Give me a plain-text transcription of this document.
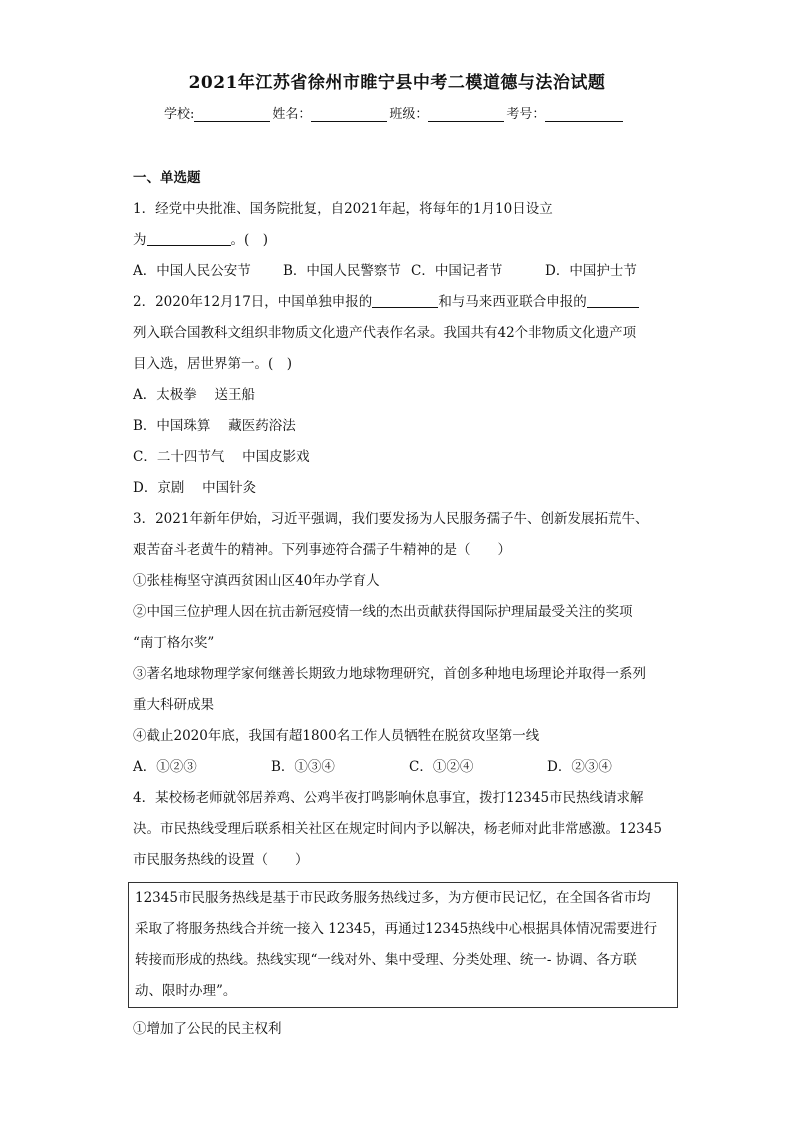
2021年江苏省徐州市睢宁县中考二模道德与法治试题
学校:	姓名：	班级：	考号：
一、单选题
1．经党中央批准、国务院批复，自2021年起，将每年的1月10日设立
为	。(　)
A．中国人民公安节	B．中国人民警察节 C．中国记者节	D．中国护士节
2．2020年12月17日，中国单独申报的	和与马来西亚联合申报的
列入联合国教科文组织非物质文化遗产代表作名录。我国共有42个非物质文化遗产项
目入选，居世界第一。(　)
A．太极拳　 送王船
B．中国珠算　 藏医药浴法
C．二十四节气　 中国皮影戏
D．京剧　 中国针灸
3．2021年新年伊始，习近平强调，我们要发扬为人民服务孺子牛、创新发展拓荒牛、
艰苦奋斗老黄牛的精神。下列事迹符合孺子牛精神的是（　　）
①张桂梅坚守滇西贫困山区40年办学育人
②中国三位护理人因在抗击新冠疫情一线的杰出贡献获得国际护理届最受关注的奖项
“南丁格尔奖”
③著名地球物理学家何继善长期致力地球物理研究，首创多种地电场理论并取得一系列
重大科研成果
④截止2020年底，我国有超1800名工作人员牺牲在脱贫攻坚第一线
A．①②③	B．①③④	C．①②④	D．②③④
4．某校杨老师就邻居养鸡、公鸡半夜打鸣影响休息事宜，拨打12345市民热线请求解
决。市民热线受理后联系相关社区在规定时间内予以解决，杨老师对此非常感激。12345
市民服务热线的设置（　　）
12345市民服务热线是基于市民政务服务热线过多，为方便市民记忆，在全国各省市均
采取了将服务热线合并统一接入 12345，再通过12345热线中心根据具体情况需要进行
转接而形成的热线。热线实现“一线对外、集中受理、分类处理、统一- 协调、各方联
动、限时办理”。
①增加了公民的民主权利
